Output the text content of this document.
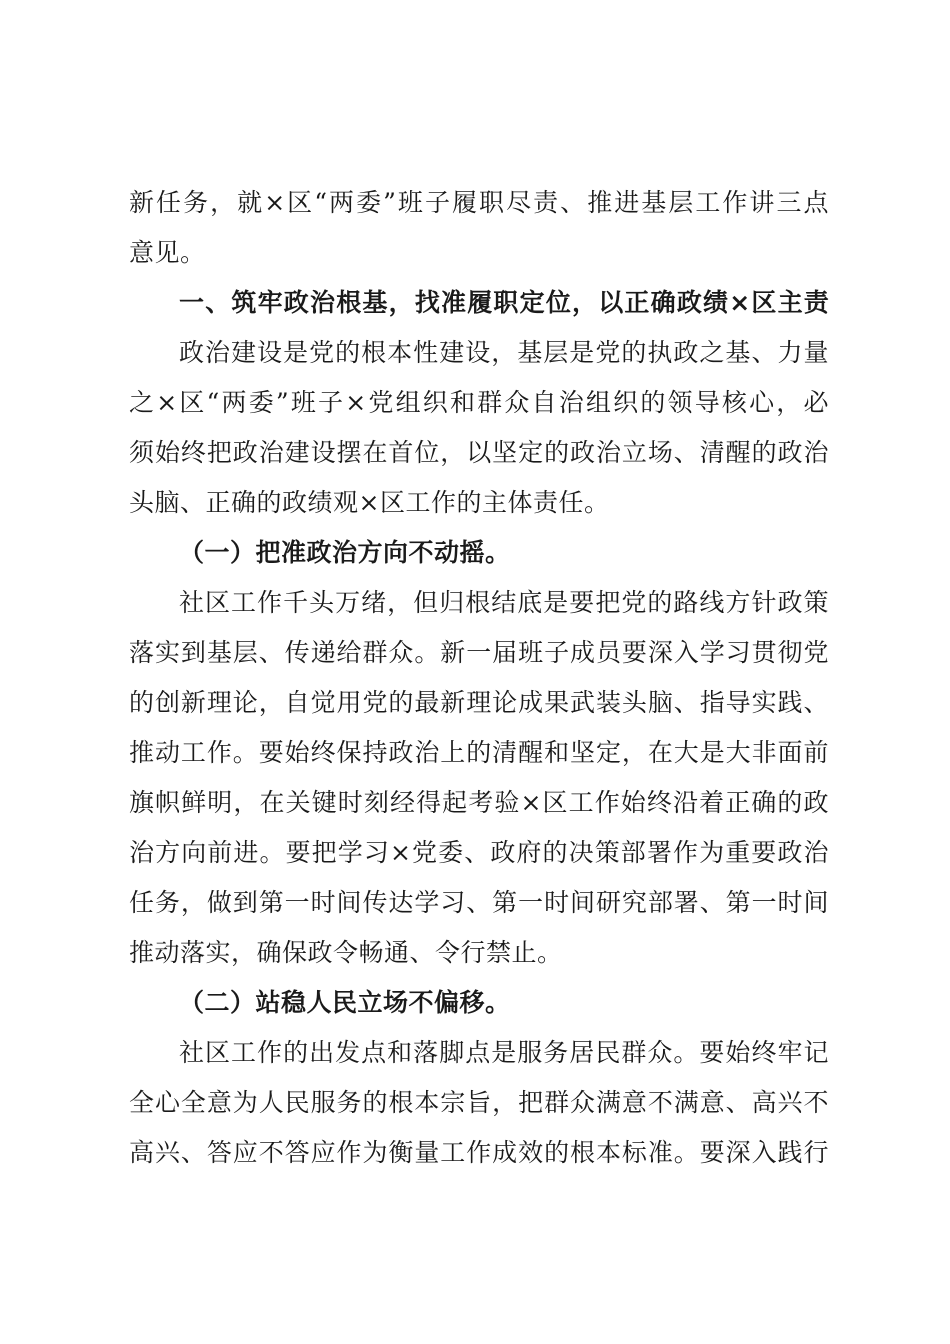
新任务，就×区“两委”班子履职尽责、推进基层工作讲三点
意见。
一、筑牢政治根基，找准履职定位，以正确政绩×区主责
政治建设是党的根本性建设，基层是党的执政之基、力量
之×区“两委”班子×党组织和群众自治组织的领导核心，必
须始终把政治建设摆在首位，以坚定的政治立场、清醒的政治
头脑、正确的政绩观×区工作的主体责任。
（一）把准政治方向不动摇。
社区工作千头万绪，但归根结底是要把党的路线方针政策
落实到基层、传递给群众。新一届班子成员要深入学习贯彻党
的创新理论，自觉用党的最新理论成果武装头脑、指导实践、
推动工作。要始终保持政治上的清醒和坚定，在大是大非面前
旗帜鲜明，在关键时刻经得起考验×区工作始终沿着正确的政
治方向前进。要把学习×党委、政府的决策部署作为重要政治
任务，做到第一时间传达学习、第一时间研究部署、第一时间
推动落实，确保政令畅通、令行禁止。
（二）站稳人民立场不偏移。
社区工作的出发点和落脚点是服务居民群众。要始终牢记
全心全意为人民服务的根本宗旨，把群众满意不满意、高兴不
高兴、答应不答应作为衡量工作成效的根本标准。要深入践行
